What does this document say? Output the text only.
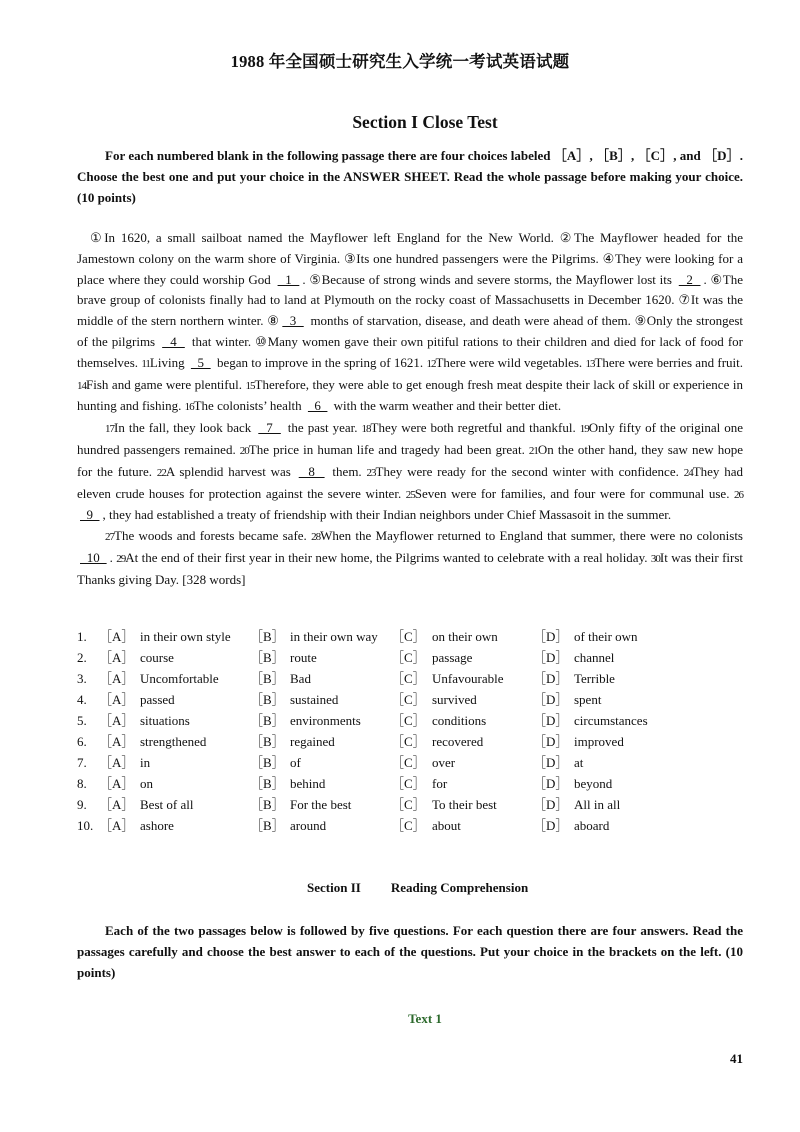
1988 年全国硕士研究生入学统一考试英语试题
Section I Close Test

For each numbered blank in the following passage there are four choices labeled ［A］, ［B］, ［C］, and ［D］. Choose the best one and put your choice in the ANSWER SHEET. Read the whole passage before making your choice. (10 points)

①In 1620, a small sailboat named the Mayflower left England for the New World. ②The Mayflower headed for the Jamestown colony on the warm shore of Virginia. ③Its one hundred passengers were the Pilgrims. ④They were looking for a place where they could worship God   1  . ⑤Because of strong winds and severe storms, the Mayflower lost its   2  . ⑥The brave group of colonists finally had to land at Plymouth on the rocky coast of Massachusetts in December 1620. ⑦It was the middle of the stern northern winter. ⑧  3   months of starvation, disease, and death were ahead of them. ⑨Only the strongest of the pilgrims   4   that winter. ⑩Many women gave their own pitiful rations to their children and died for lack of food for themselves. 11Living   5   began to improve in the spring of 1621. 12There were wild vegetables. 13There were berries and fruit. 14Fish and game were plentiful. 15Therefore, they were able to get enough fresh meat despite their lack of skill or experience in hunting and fishing. 16The colonists’ health   6   with the warm weather and their better diet.

17In the fall, they look back   7   the past year. 18They were both regretful and thankful. 19Only fifty of the original one hundred passengers remained. 20The price in human life and tragedy had been great. 21On the other hand, they saw new hope for the future. 22A splendid harvest was   8   them. 23They were ready for the second winter with confidence. 24They had eleven crude houses for protection against the severe winter. 25Seven were for families, and four were for communal use. 26  9  , they had established a treaty of friendship with their Indian neighbors under Chief Massasoit in the summer.

27The woods and forests became safe. 28When the Mayflower returned to England that summer, there were no colonists   10  . 29At the end of their first year in their new home, the Pilgrims wanted to celebrate with a real holiday. 30It was their first Thanks giving Day. [328 words]

1. ［A］ in their own style ［B］ in their own way ［C］ on their own	［D］ of their own
2. ［A］ course	［B］ route	［C］ passage	［D］ channel
3. ［A］ Uncomfortable ［B］ Bad	［C］ Unfavourable ［D］ Terrible
4. ［A］ passed	［B］ sustained	［C］ survived	［D］ spent
5. ［A］ situations	［B］ environments ［C］ conditions	［D］ circumstances
6. ［A］ strengthened	［B］ regained	［C］ recovered	［D］ improved
7. ［A］ in	［B］ of	［C］ over	［D］ at
8. ［A］ on	［B］ behind	［C］ for	［D］ beyond
9. ［A］ Best of all	［B］ For the best	［C］ To their best	［D］ All in all
10. ［A］ ashore	［B］ around	［C］ about	［D］ aboard
Section II Reading Comprehension

Each of the two passages below is followed by five questions. For each question there are four answers. Read the passages carefully and choose the best answer to each of the questions. Put your choice in the brackets on the left. (10 points)

Text 1
41
